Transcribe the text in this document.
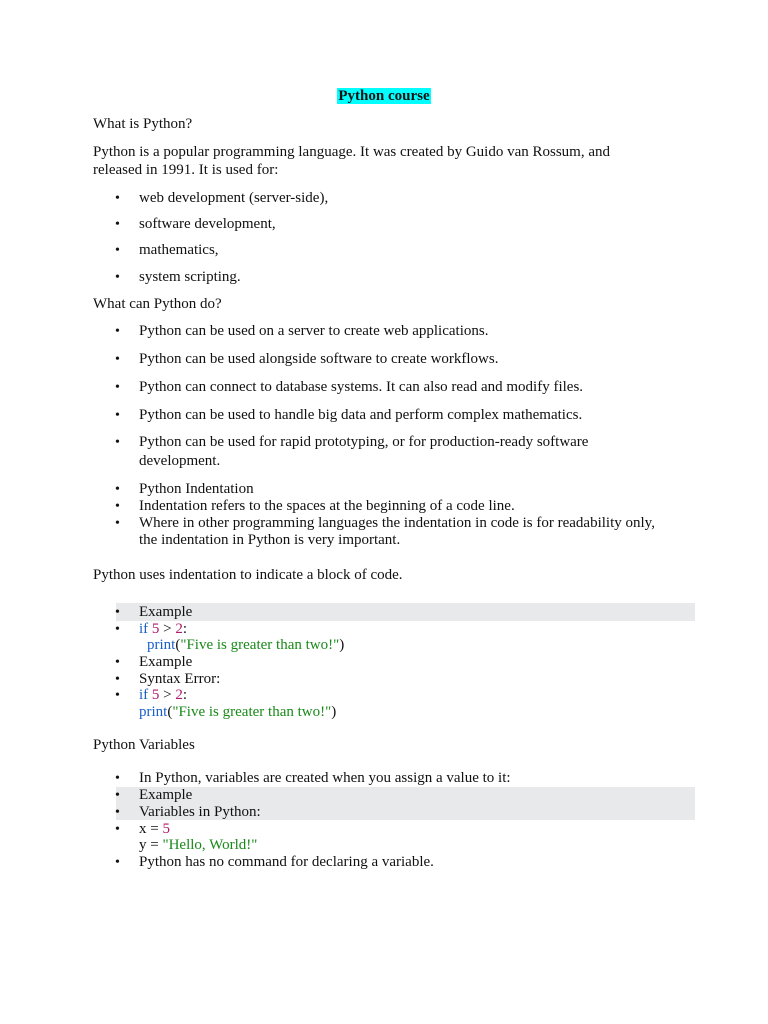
Python course

What is Python?

Python is a popular programming language. It was created by Guido van Rossum, and

released in 1991. It is used for:

• web development (server-side),
• software development,
• mathematics,
• system scripting.

What can Python do?

• Python can be used on a server to create web applications.
• Python can be used alongside software to create workflows.
• Python can connect to database systems. It can also read and modify files.
• Python can be used to handle big data and perform complex mathematics.
• Python can be used for rapid prototyping, or for production-ready software
development.
• Python Indentation
• Indentation refers to the spaces at the beginning of a code line.
• Where in other programming languages the indentation in code is for readability only,
the indentation in Python is very important.

Python uses indentation to indicate a block of code.

• Example
• if 5 > 2:
print("Five is greater than two!")
• Example
• Syntax Error:
• if 5 > 2:
print("Five is greater than two!")

Python Variables

• In Python, variables are created when you assign a value to it:
• Example
• Variables in Python:
• x = 5
y = "Hello, World!"
• Python has no command for declaring a variable.
